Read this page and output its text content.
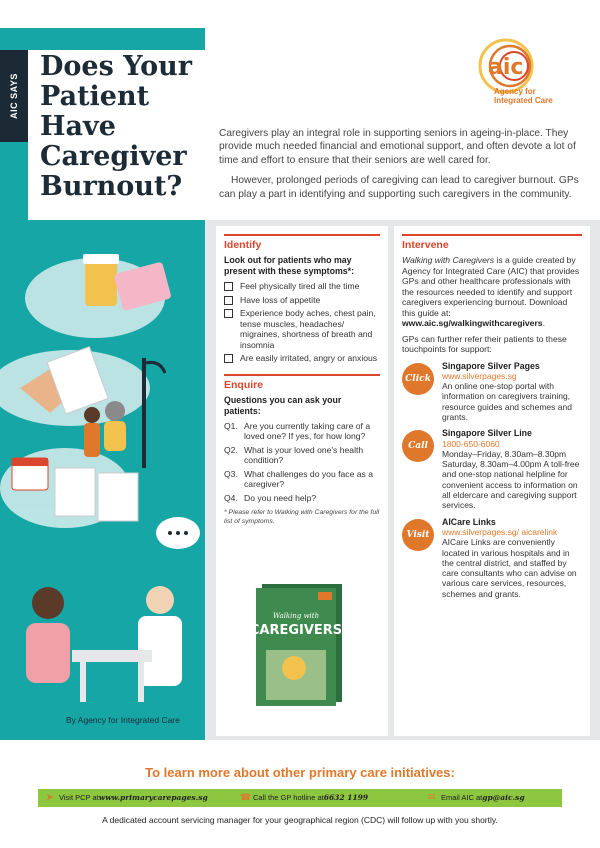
AIC SAYS
Does Your Patient Have Caregiver Burnout?
aic
Agency for
Integrated Care

Caregivers play an integral role in supporting seniors in ageing-in-place. They provide much needed financial and emotional support, and often devote a lot of time and effort to ensure that their seniors are well cared for.

However, prolonged periods of caregiving can lead to caregiver burnout. GPs can play a part in identifying and supporting such caregivers in the community.

Identify
Look out for patients who may present with these symptoms*:
Feel physically tired all the time
Have loss of appetite
Experience body aches, chest pain, tense muscles, headaches/ migraines, shortness of breath and insomnia
Are easily irritated, angry or anxious
Enquire
Questions you can ask your patients:
Q1. Are you currently taking care of a loved one? If yes, for how long?
Q2. What is your loved one's health condition?
Q3. What challenges do you face as a caregiver?
Q4. Do you need help?
* Please refer to Walking with Caregivers for the full list of symptoms.
Walking with
CAREGIVERS
Intervene
Walking with Caregivers is a guide created by Agency for Integrated Care (AIC) that provides GPs and other healthcare professionals with the resources needed to identify and support caregivers experiencing burnout. Download this guide at: www.aic.sg/walkingwithcaregivers.
GPs can further refer their patients to these touchpoints for support:
Click
Singapore Silver Pages
www.silverpages.sg
An online one-stop portal with information on caregivers training, resource guides and schemes and grants.
Call
Singapore Silver Line
1800-650-6060
Monday–Friday, 8.30am–8.30pm Saturday, 8.30am–4.00pm A toll-free and one-stop national helpline for convenient access to information on all eldercare and caregiving support services.
Visit
AICare Links
www.silverpages.sg/ aicarelink
AICare Links are conveniently located in various hospitals and in the central district, and staffed by care consultants who can advise on various care services, resources, schemes and grants.
By Agency for Integrated Care
To learn more about other primary care initiatives:
➤ Visit PCP at www.primarycarepages.sg	☎ Call the GP hotline at 6632 1199	✉ Email AIC at gp@aic.sg
A dedicated account servicing manager for your geographical region (CDC) will follow up with you shortly.
